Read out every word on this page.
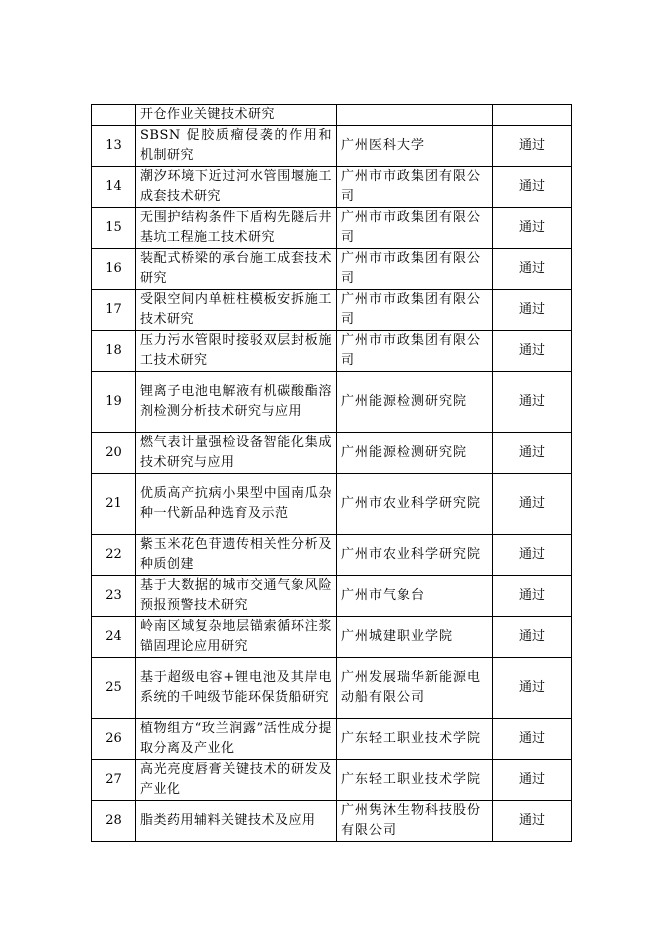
	开仓作业关键技术研究		
13	SBSN 促胶质瘤侵袭的作用和机制研究	广州医科大学	通过
14	潮汐环境下近过河水管围堰施工成套技术研究	广州市市政集团有限公司	通过
15	无围护结构条件下盾构先隧后井基坑工程施工技术研究	广州市市政集团有限公司	通过
16	装配式桥梁的承台施工成套技术研究	广州市市政集团有限公司	通过
17	受限空间内单桩柱模板安拆施工技术研究	广州市市政集团有限公司	通过
18	压力污水管限时接驳双层封板施工技术研究	广州市市政集团有限公司	通过
19	锂离子电池电解液有机碳酸酯溶剂检测分析技术研究与应用	广州能源检测研究院	通过
20	燃气表计量强检设备智能化集成技术研究与应用	广州能源检测研究院	通过
21	优质高产抗病小果型中国南瓜杂种一代新品种选育及示范	广州市农业科学研究院	通过
22	紫玉米花色苷遗传相关性分析及种质创建	广州市农业科学研究院	通过
23	基于大数据的城市交通气象风险预报预警技术研究	广州市气象台	通过
24	岭南区域复杂地层锚索循环注浆锚固理论应用研究	广州城建职业学院	通过
25	基于超级电容+锂电池及其岸电系统的千吨级节能环保货船研究	广州发展瑞华新能源电动船有限公司	通过
26	植物组方“玫兰润露”活性成分提取分离及产业化	广东轻工职业技术学院	通过
27	高光亮度唇膏关键技术的研发及产业化	广东轻工职业技术学院	通过
28	脂类药用辅料关键技术及应用	广州隽沐生物科技股份有限公司	通过
